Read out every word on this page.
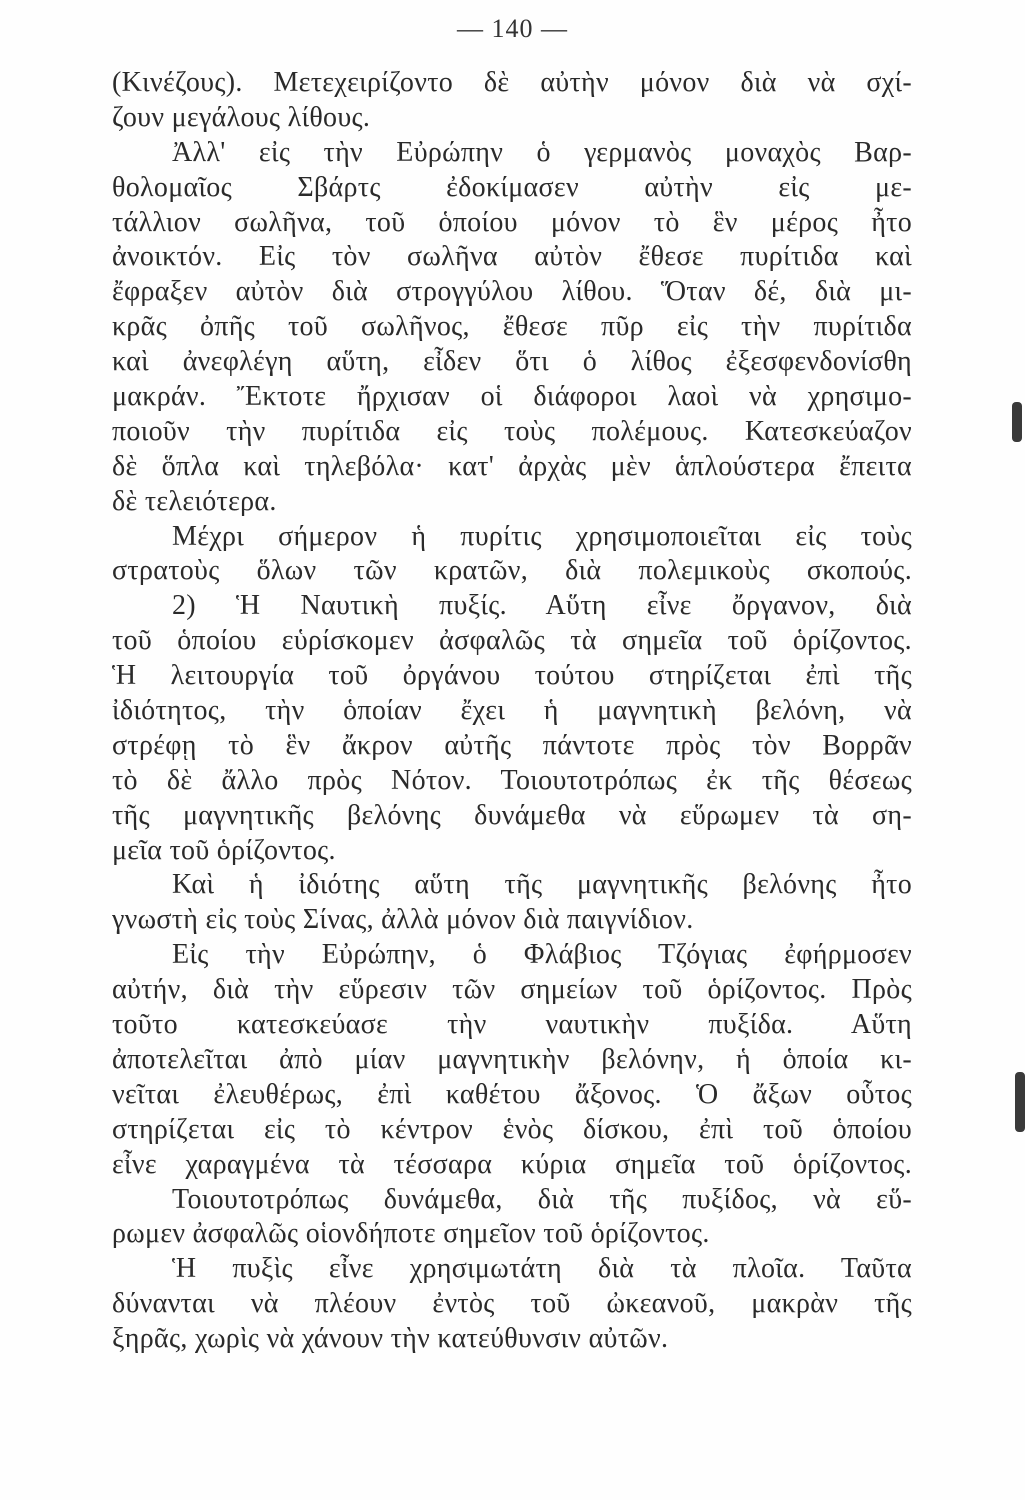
— 140 —
(Κινέζους). Μετεχειρίζοντο δὲ αὐτὴν μόνον διὰ νὰ σχί-
ζουν μεγάλους λίθους.
Ἀλλ' εἰς τὴν Εὐρώπην ὁ γερμανὸς μοναχὸς Βαρ-
θολομαῖος Σβάρτς ἐδοκίμασεν αὐτὴν εἰς με-
τάλλιον σωλῆνα, τοῦ ὁποίου μόνον τὸ ἓν μέρος ἦτο
ἀνοικτόν. Εἰς τὸν σωλῆνα αὐτὸν ἔθεσε πυρίτιδα καὶ
ἔφραξεν αὐτὸν διὰ στρογγύλου λίθου. Ὅταν δέ, διὰ μι-
κρᾶς ὀπῆς τοῦ σωλῆνος, ἔθεσε πῦρ εἰς τὴν πυρίτιδα
καὶ ἀνεφλέγη αὕτη, εἶδεν ὅτι ὁ λίθος ἐξεσφενδονίσθη
μακράν. Ἔκτοτε ἤρχισαν οἱ διάφοροι λαοὶ νὰ χρησιμο-
ποιοῦν τὴν πυρίτιδα εἰς τοὺς πολέμους. Κατεσκεύαζον
δὲ ὅπλα καὶ τηλεβόλα· κατ' ἀρχὰς μὲν ἁπλούστερα ἔπειτα
δὲ τελειότερα.
Μέχρι σήμερον ἡ πυρίτις χρησιμοποιεῖται εἰς τοὺς
στρατοὺς ὅλων τῶν κρατῶν, διὰ πολεμικοὺς σκοπούς.
2) Ἡ Ναυτικὴ πυξίς. Αὕτη εἶνε ὄργανον, διὰ
τοῦ ὁποίου εὑρίσκομεν ἀσφαλῶς τὰ σημεῖα τοῦ ὁρίζοντος.
Ἡ λειτουργία τοῦ ὀργάνου τούτου στηρίζεται ἐπὶ τῆς
ἰδιότητος, τὴν ὁποίαν ἔχει ἡ μαγνητικὴ βελόνη, νὰ
στρέφῃ τὸ ἓν ἄκρον αὐτῆς πάντοτε πρὸς τὸν Βορρᾶν
τὸ δὲ ἄλλο πρὸς Νότον. Τοιουτοτρόπως ἐκ τῆς θέσεως
τῆς μαγνητικῆς βελόνης δυνάμεθα νὰ εὕρωμεν τὰ ση-
μεῖα τοῦ ὁρίζοντος.
Καὶ ἡ ἰδιότης αὕτη τῆς μαγνητικῆς βελόνης ἦτο
γνωστὴ εἰς τοὺς Σίνας, ἀλλὰ μόνον διὰ παιγνίδιον.
Εἰς τὴν Εὐρώπην, ὁ Φλάβιος Τζόγιας ἐφήρμοσεν
αὐτήν, διὰ τὴν εὕρεσιν τῶν σημείων τοῦ ὁρίζοντος. Πρὸς
τοῦτο κατεσκεύασε τὴν ναυτικὴν πυξίδα. Αὕτη
ἀποτελεῖται ἀπὸ μίαν μαγνητικὴν βελόνην, ἡ ὁποία κι-
νεῖται ἐλευθέρως, ἐπὶ καθέτου ἄξονος. Ὁ ἄξων οὗτος
στηρίζεται εἰς τὸ κέντρον ἑνὸς δίσκου, ἐπὶ τοῦ ὁποίου
εἶνε χαραγμένα τὰ τέσσαρα κύρια σημεῖα τοῦ ὁρίζοντος.
Τοιουτοτρόπως δυνάμεθα, διὰ τῆς πυξίδος, νὰ εὕ-
ρωμεν ἀσφαλῶς οἱονδήποτε σημεῖον τοῦ ὁρίζοντος.
Ἡ πυξὶς εἶνε χρησιμωτάτη διὰ τὰ πλοῖα. Ταῦτα
δύνανται νὰ πλέουν ἐντὸς τοῦ ὠκεανοῦ, μακρὰν τῆς
ξηρᾶς, χωρὶς νὰ χάνουν τὴν κατεύθυνσιν αὐτῶν.
